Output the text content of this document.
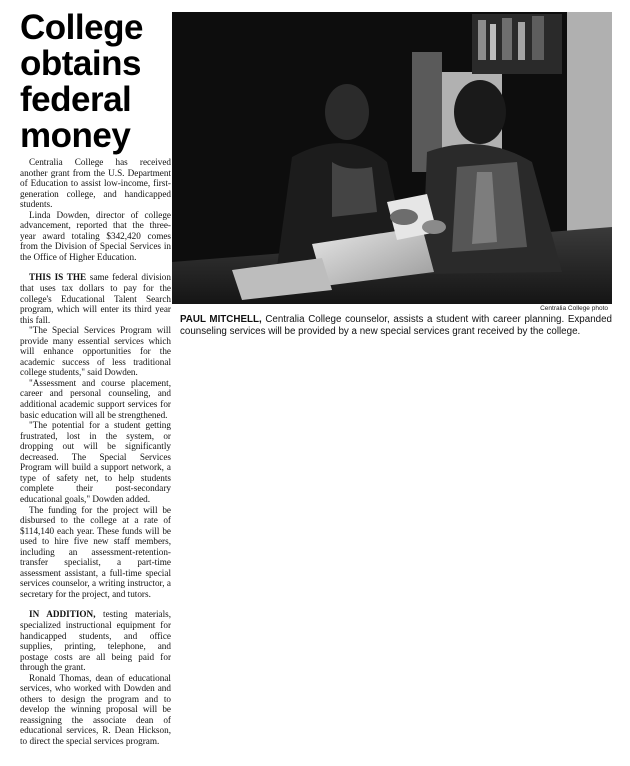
College
obtains
federal
money

Centralia College has received another grant from the U.S. Department of Education to assist low-income, first-generation college, and handicapped students.

Linda Dowden, director of college advancement, reported that the three-year award totaling $342,420 comes from the Division of Special Services in the Office of Higher Education.

THIS IS THE same federal division that uses tax dollars to pay for the college's Educational Talent Search program, which will enter its third year this fall.

"The Special Services Program will provide many essential services which will enhance opportunities for the academic success of less traditional college students," said Dowden.

"Assessment and course placement, career and personal counseling, and additional academic support services for basic education will all be strengthened.

"The potential for a student getting frustrated, lost in the system, or dropping out will be significantly decreased. The Special Services Program will build a support network, a type of safety net, to help students complete their post-secondary educational goals," Dowden added.

The funding for the project will be disbursed to the college at a rate of $114,140 each year. These funds will be used to hire five new staff members, including an assessment-retention-transfer specialist, a part-time assessment assistant, a full-time special services counselor, a writing instructor, a secretary for the project, and tutors.

IN ADDITION, testing materials, specialized instructional equipment for handicapped students, and office supplies, printing, telephone, and postage costs are all being paid for through the grant.

Ronald Thomas, dean of educational services, who worked with Dowden and others to design the program and to develop the winning proposal will be reassigning the associate dean of educational services, R. Dean Hickson, to direct the special services program.

Centralia College photo
PAUL MITCHELL, Centralia College counselor, assists a student with career planning. Expanded counseling services will be provided by a new special services grant received by the college.
